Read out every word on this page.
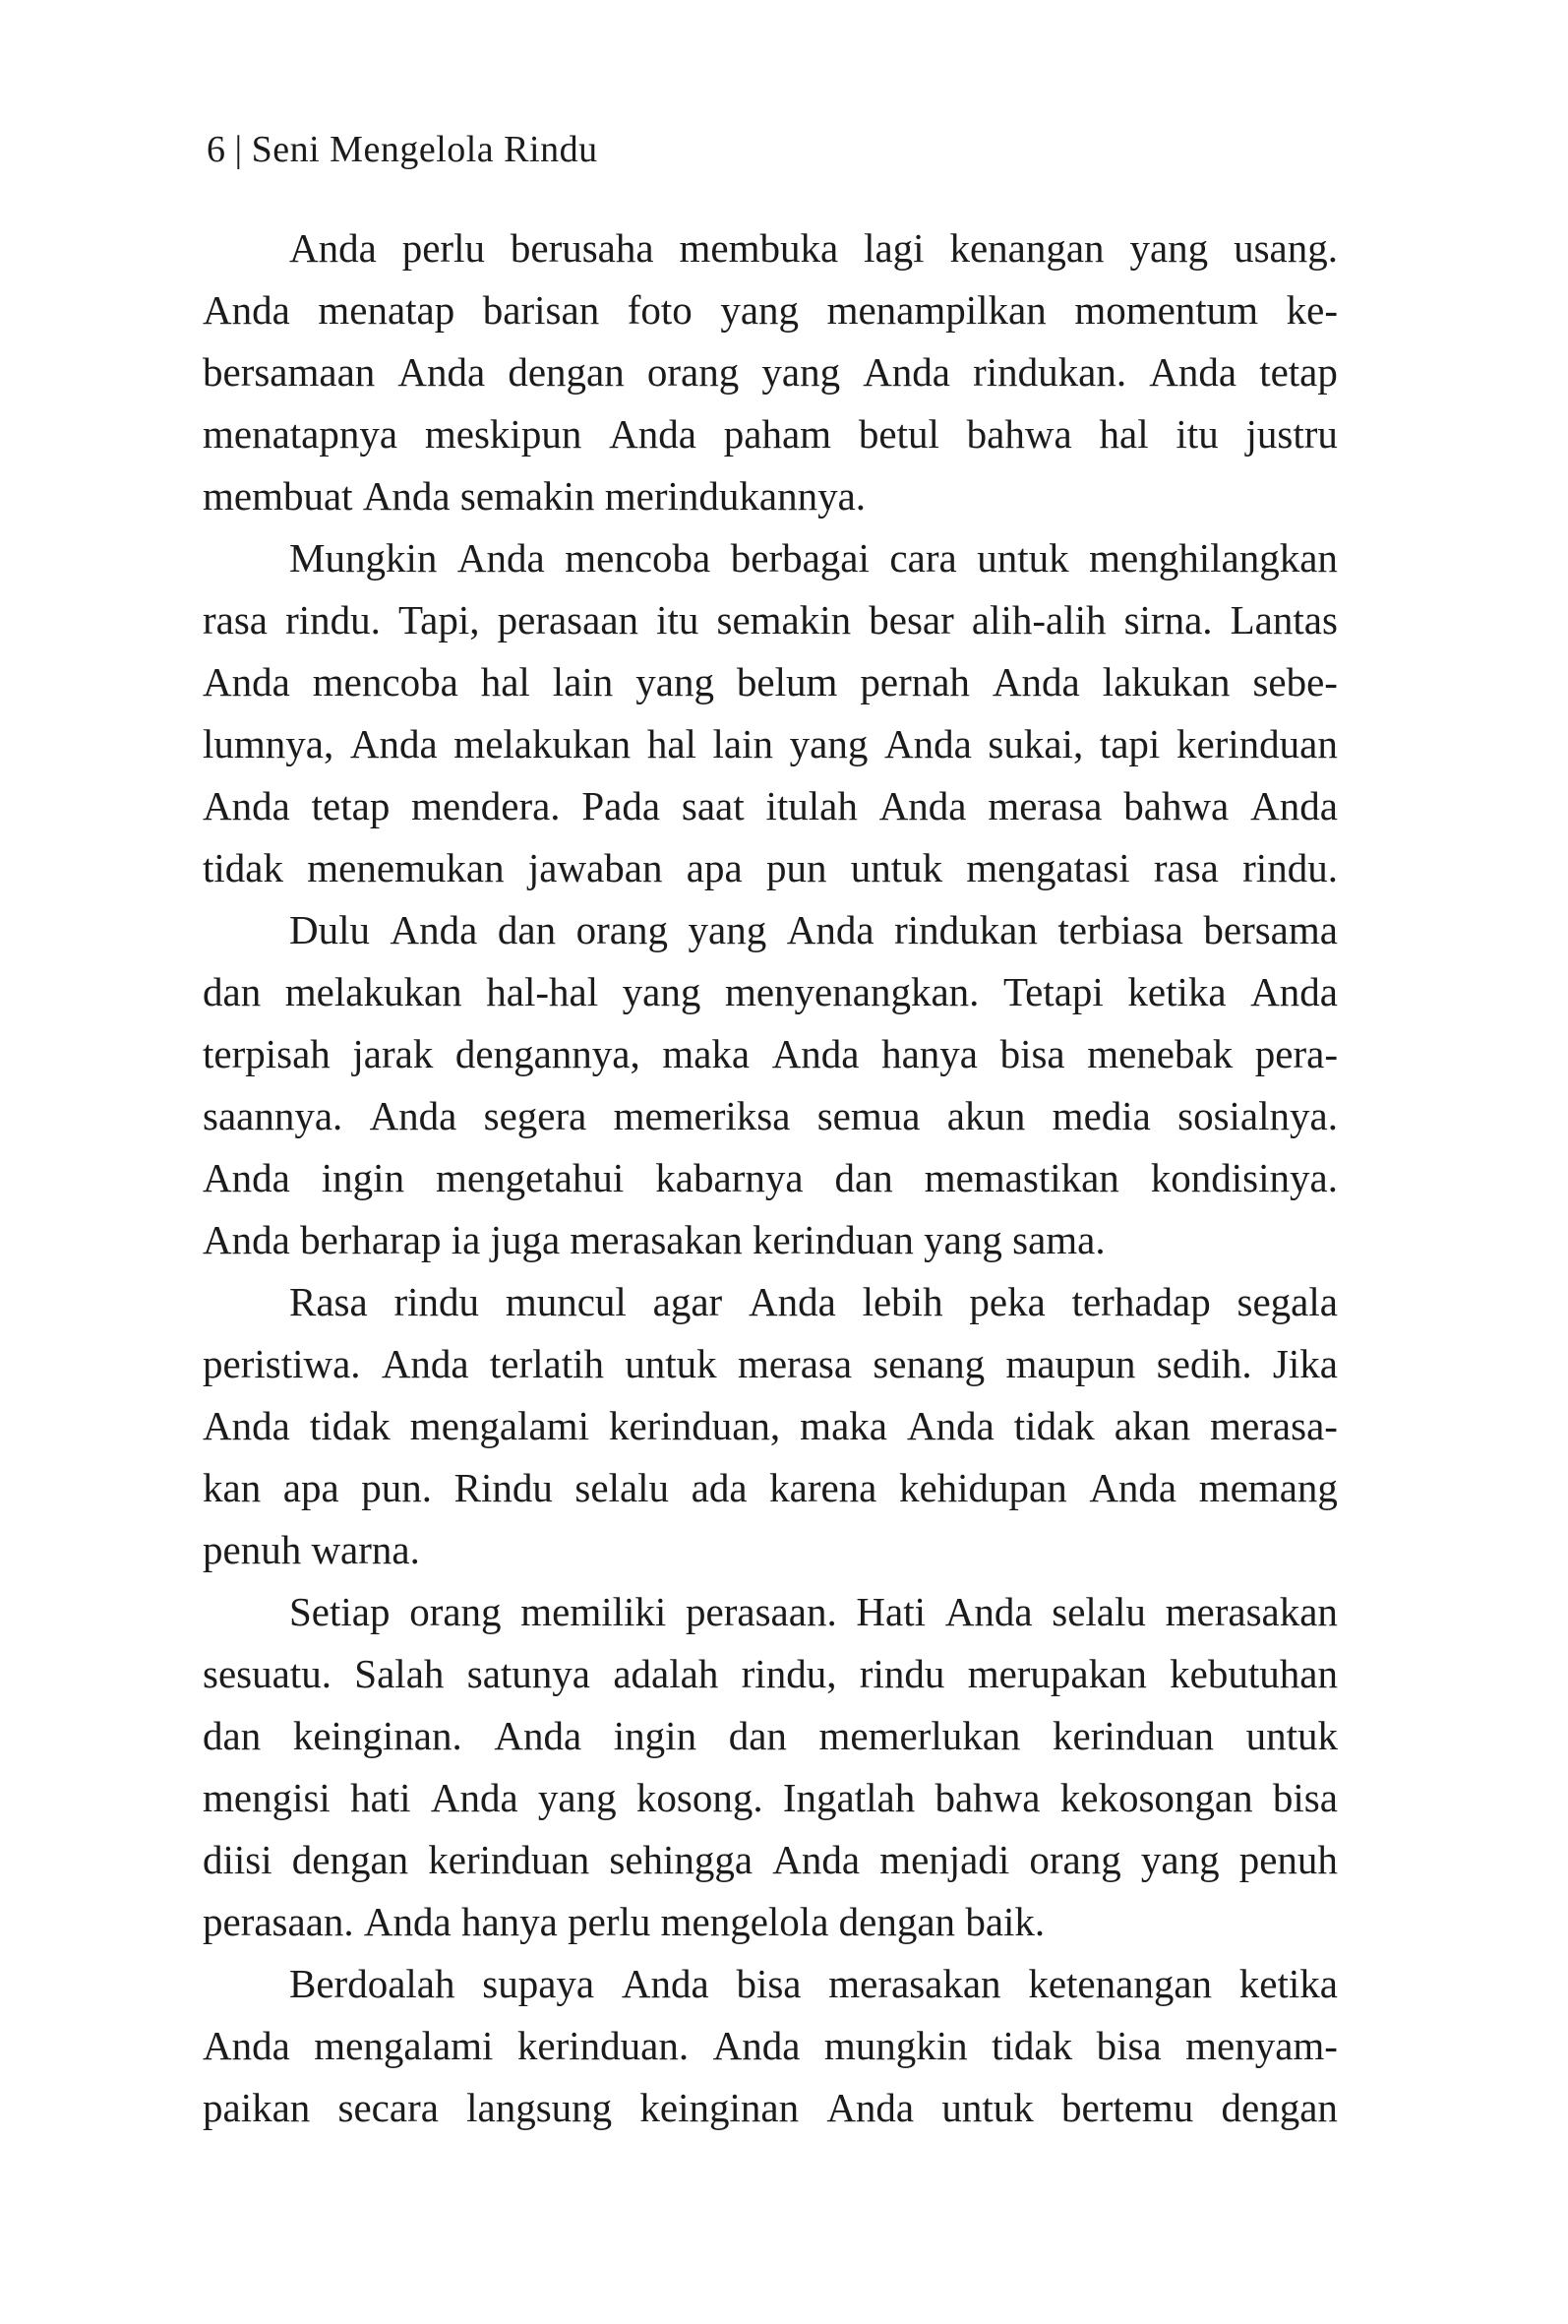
6 | Seni Mengelola Rindu
Anda perlu berusaha membuka lagi kenangan yang usang.
Anda menatap barisan foto yang menampilkan momentum ke-
bersamaan Anda dengan orang yang Anda rindukan. Anda tetap
menatapnya meskipun Anda paham betul bahwa hal itu justru
membuat Anda semakin merindukannya.
Mungkin Anda mencoba berbagai cara untuk menghilangkan
rasa rindu. Tapi, perasaan itu semakin besar alih-alih sirna. Lantas
Anda mencoba hal lain yang belum pernah Anda lakukan sebe-
lumnya, Anda melakukan hal lain yang Anda sukai, tapi kerinduan
Anda tetap mendera. Pada saat itulah Anda merasa bahwa Anda
tidak menemukan jawaban apa pun untuk mengatasi rasa rindu.
Dulu Anda dan orang yang Anda rindukan terbiasa bersama
dan melakukan hal-hal yang menyenangkan. Tetapi ketika Anda
terpisah jarak dengannya, maka Anda hanya bisa menebak pera-
saannya. Anda segera memeriksa semua akun media sosialnya.
Anda ingin mengetahui kabarnya dan memastikan kondisinya.
Anda berharap ia juga merasakan kerinduan yang sama.
Rasa rindu muncul agar Anda lebih peka terhadap segala
peristiwa. Anda terlatih untuk merasa senang maupun sedih. Jika
Anda tidak mengalami kerinduan, maka Anda tidak akan merasa-
kan apa pun. Rindu selalu ada karena kehidupan Anda memang
penuh warna.
Setiap orang memiliki perasaan. Hati Anda selalu merasakan
sesuatu. Salah satunya adalah rindu, rindu merupakan kebutuhan
dan keinginan. Anda ingin dan memerlukan kerinduan untuk
mengisi hati Anda yang kosong. Ingatlah bahwa kekosongan bisa
diisi dengan kerinduan sehingga Anda menjadi orang yang penuh
perasaan. Anda hanya perlu mengelola dengan baik.
Berdoalah supaya Anda bisa merasakan ketenangan ketika
Anda mengalami kerinduan. Anda mungkin tidak bisa menyam-
paikan secara langsung keinginan Anda untuk bertemu dengan
